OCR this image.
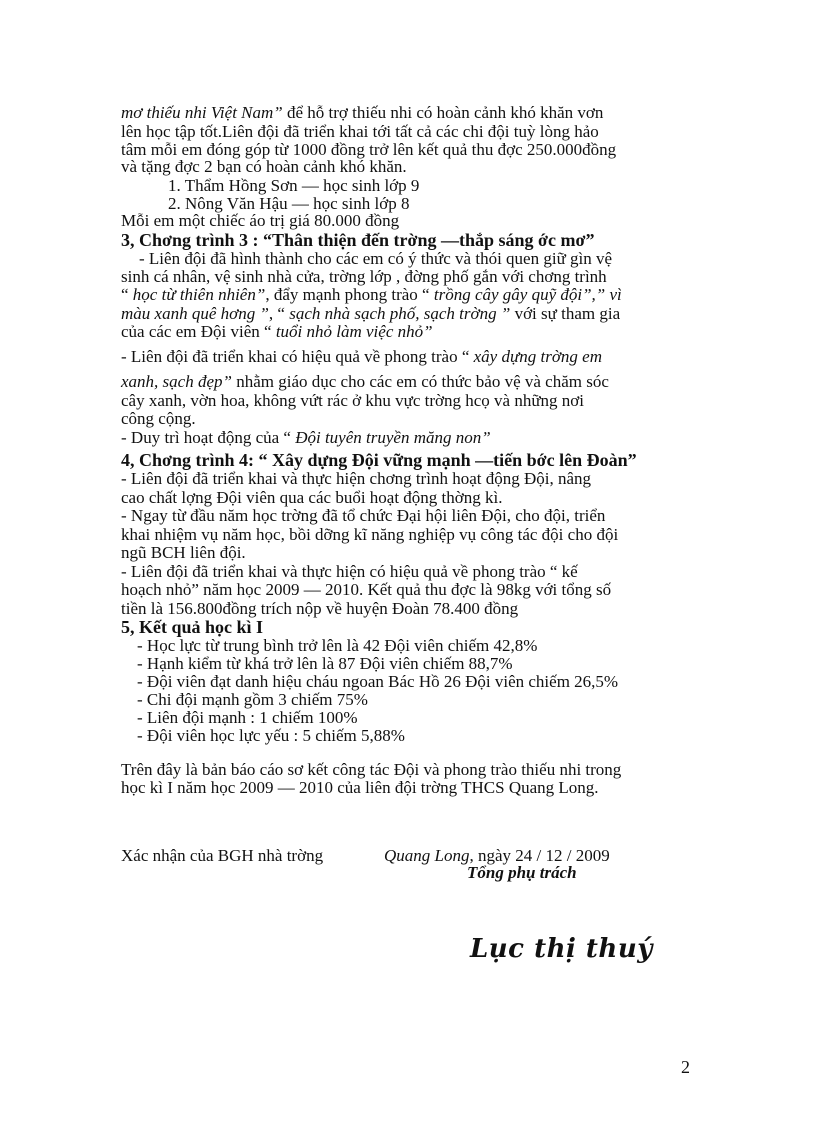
mơ thiếu nhi Việt Nam” để hỗ trợ thiếu nhi có hoàn cảnh khó khăn vơn
lên học tập tốt.Liên đội đã triển khai tới tất cả các chi đội tuỳ lòng hảo
tâm mỗi em đóng góp từ 1000 đồng trở lên kết quả thu đợc 250.000đồng
và tặng đợc 2 bạn có hoàn cảnh khó khăn.
1. Thẩm Hồng Sơn — học sinh lớp 9
2. Nông Văn Hậu — học sinh lớp 8
Mỗi em một chiếc áo trị giá 80.000 đồng
3, Chơng trình 3 : “Thân thiện đến trờng —thắp sáng ớc mơ”
- Liên đội đã hình thành cho các em có ý thức và thói quen giữ gìn vệ
sinh cá nhân, vệ sinh nhà cửa, trờng lớp , đờng phố gắn với chơng trình
“ học từ thiên nhiên”, đẩy mạnh phong trào “ trồng cây gây quỹ đội”,” vì
màu xanh quê hơng ”, “ sạch nhà sạch phố, sạch trờng ” với sự tham gia
của các em Đội viên “ tuổi nhỏ làm việc nhỏ”
- Liên đội đã triển khai có hiệu quả về phong trào “ xây dựng trờng em
xanh, sạch đẹp” nhằm giáo dục cho các em có thức bảo vệ và chăm sóc
cây xanh, vờn hoa, không vứt rác ở khu vực trờng hcọ và những nơi
công cộng.
- Duy trì hoạt động của “ Đội tuyên truyền măng non”
4, Chơng trình 4: “ Xây dựng Đội vững mạnh —tiến bớc lên Đoàn”
- Liên đội đã triển khai và thực hiện chơng trình hoạt động Đội, nâng
cao chất lợng Đội viên qua các buổi hoạt động thờng kì.
- Ngay từ đầu năm học trờng đã tổ chức Đại hội liên Đội, cho đội, triển
khai nhiệm vụ năm học, bồi dỡng kĩ năng nghiệp vụ công tác đội cho đội
ngũ BCH liên đội.
- Liên đội đã triển khai và thực hiện có hiệu quả về phong trào “ kế
hoạch nhỏ” năm học 2009 — 2010. Kết quả thu đợc là 98kg với tổng số
tiền là 156.800đồng trích nộp về huyện Đoàn 78.400 đồng
5, Kết quả học kì I
- Học lực từ trung bình trở lên là 42 Đội viên chiếm 42,8%
- Hạnh kiểm từ khá trở lên là 87 Đội viên chiếm 88,7%
- Đội viên đạt danh hiệu cháu ngoan Bác Hồ 26 Đội viên chiếm 26,5%
- Chi đội mạnh gồm 3 chiếm 75%
- Liên đội mạnh : 1 chiếm 100%
- Đội viên học lực yếu : 5 chiếm 5,88%
Trên đây là bản báo cáo sơ kết công tác Đội và phong trào thiếu nhi trong
học kì I năm học 2009 — 2010 của liên đội trờng THCS Quang Long.
Xác nhận của BGH nhà trờng	Quang Long, ngày 24 / 12 / 2009
Tổng phụ trách
Lục thị thuý
2
